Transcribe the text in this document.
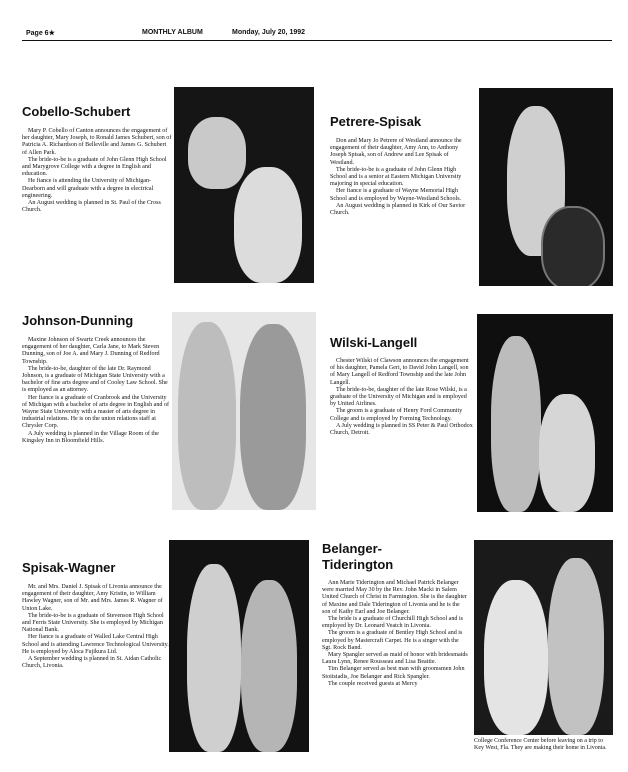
Page 6★	MONTHLY ALBUM	Monday, July 20, 1992
Cobello-Schubert

Mary P. Cobello of Canton announces the engagement of her daughter, Mary Joseph, to Ronald James Schubert, son of Patricia A. Richardson of Belleville and James G. Schubert of Allen Park.

The bride-to-be is a graduate of John Glenn High School and Marygrove College with a degree in English and education.

He fiance is attending the University of Michigan-Dearborn and will graduate with a degree in electrical engineering.

An August wedding is planned in St. Paul of the Cross Church.

Petrere-Spisak

Don and Mary Jo Petrere of Westland announce the engagement of their daughter, Amy Ann, to Anthony Joseph Spisak, son of Andrew and Lee Spisak of Westland.

The bride-to-be is a graduate of John Glenn High School and is a senior at Eastern Michigan University majoring in special education.

Her fiance is a graduate of Wayne Memorial High School and is employed by Wayne-Westland Schools.

An August wedding is planned in Kirk of Our Savior Church.

Johnson-Dunning

Maxine Johnson of Swartz Creek announces the engagement of her daughter, Carla Jane, to Mark Steven Dunning, son of Joe A. and Mary J. Dunning of Redford Township.

The bride-to-be, daughter of the late Dr. Raymond Johnson, is a graduate of Michigan State University with a bachelor of fine arts degree and of Cooley Law School. She is employed as an attorney.

Her fiance is a graduate of Cranbrook and the University of Michigan with a bachelor of arts degree in English and of Wayne State University with a master of arts degree in industrial relations. He is on the union relations staff at Chrysler Corp.

A July wedding is planned in the Village Room of the Kingsley Inn in Bloomfield Hills.

Wilski-Langell

Chester Wilski of Clawson announces the engagement of his daughter, Pamela Geri, to David John Langell, son of Mary Langell of Redford Township and the late John Langell.

The bride-to-be, daughter of the late Rose Wilski, is a graduate of the University of Michigan and is employed by United Airlines.

The groom is a graduate of Henry Ford Community College and is employed by Forming Technology.

A July wedding is planned in SS Peter & Paul Orthodox Church, Detroit.

Spisak-Wagner

Mr. and Mrs. Daniel J. Spisak of Livonia announce the engagement of their daughter, Amy Kristin, to William Hawley Wagner, son of Mr. and Mrs. James R. Wagner of Union Lake.

The bride-to-be is a graduate of Stevenson High School and Ferris State University. She is employed by Michigan National Bank.

Her fiance is a graduate of Walled Lake Central High School and is attending Lawrence Technological University. He is employed by Aloca Fujikura Ltd.

A September wedding is planned in St. Aidan Catholic Church, Livonia.

Belanger-
Tiderington

Ann Marie Tiderington and Michael Patrick Belanger were married May 30 by the Rev. John Macki in Salem United Church of Christ in Farmington. She is the daughter of Maxine and Dale Tiderington of Livonia and he is the son of Kathy Earl and Joe Belanger.

The bride is a graduate of Churchill High School and is employed by Dr. Leonard Veatch in Livonia.

The groom is a graduate of Bentley High School and is employed by Mastercraft Carpet. He is a singer with the Sgt. Rock Band.

Mary Spangler served as maid of honor with bridesmaids Laura Lynn, Renee Rousseau and Lisa Beattie.

Tim Belanger served as best man with groomsmen John Stoitsiadis, Joe Belanger and Rick Spangler.

The couple received guests at Mercy

College Conference Center before leaving on a trip to Key West, Fla. They are making their home in Livonia.
